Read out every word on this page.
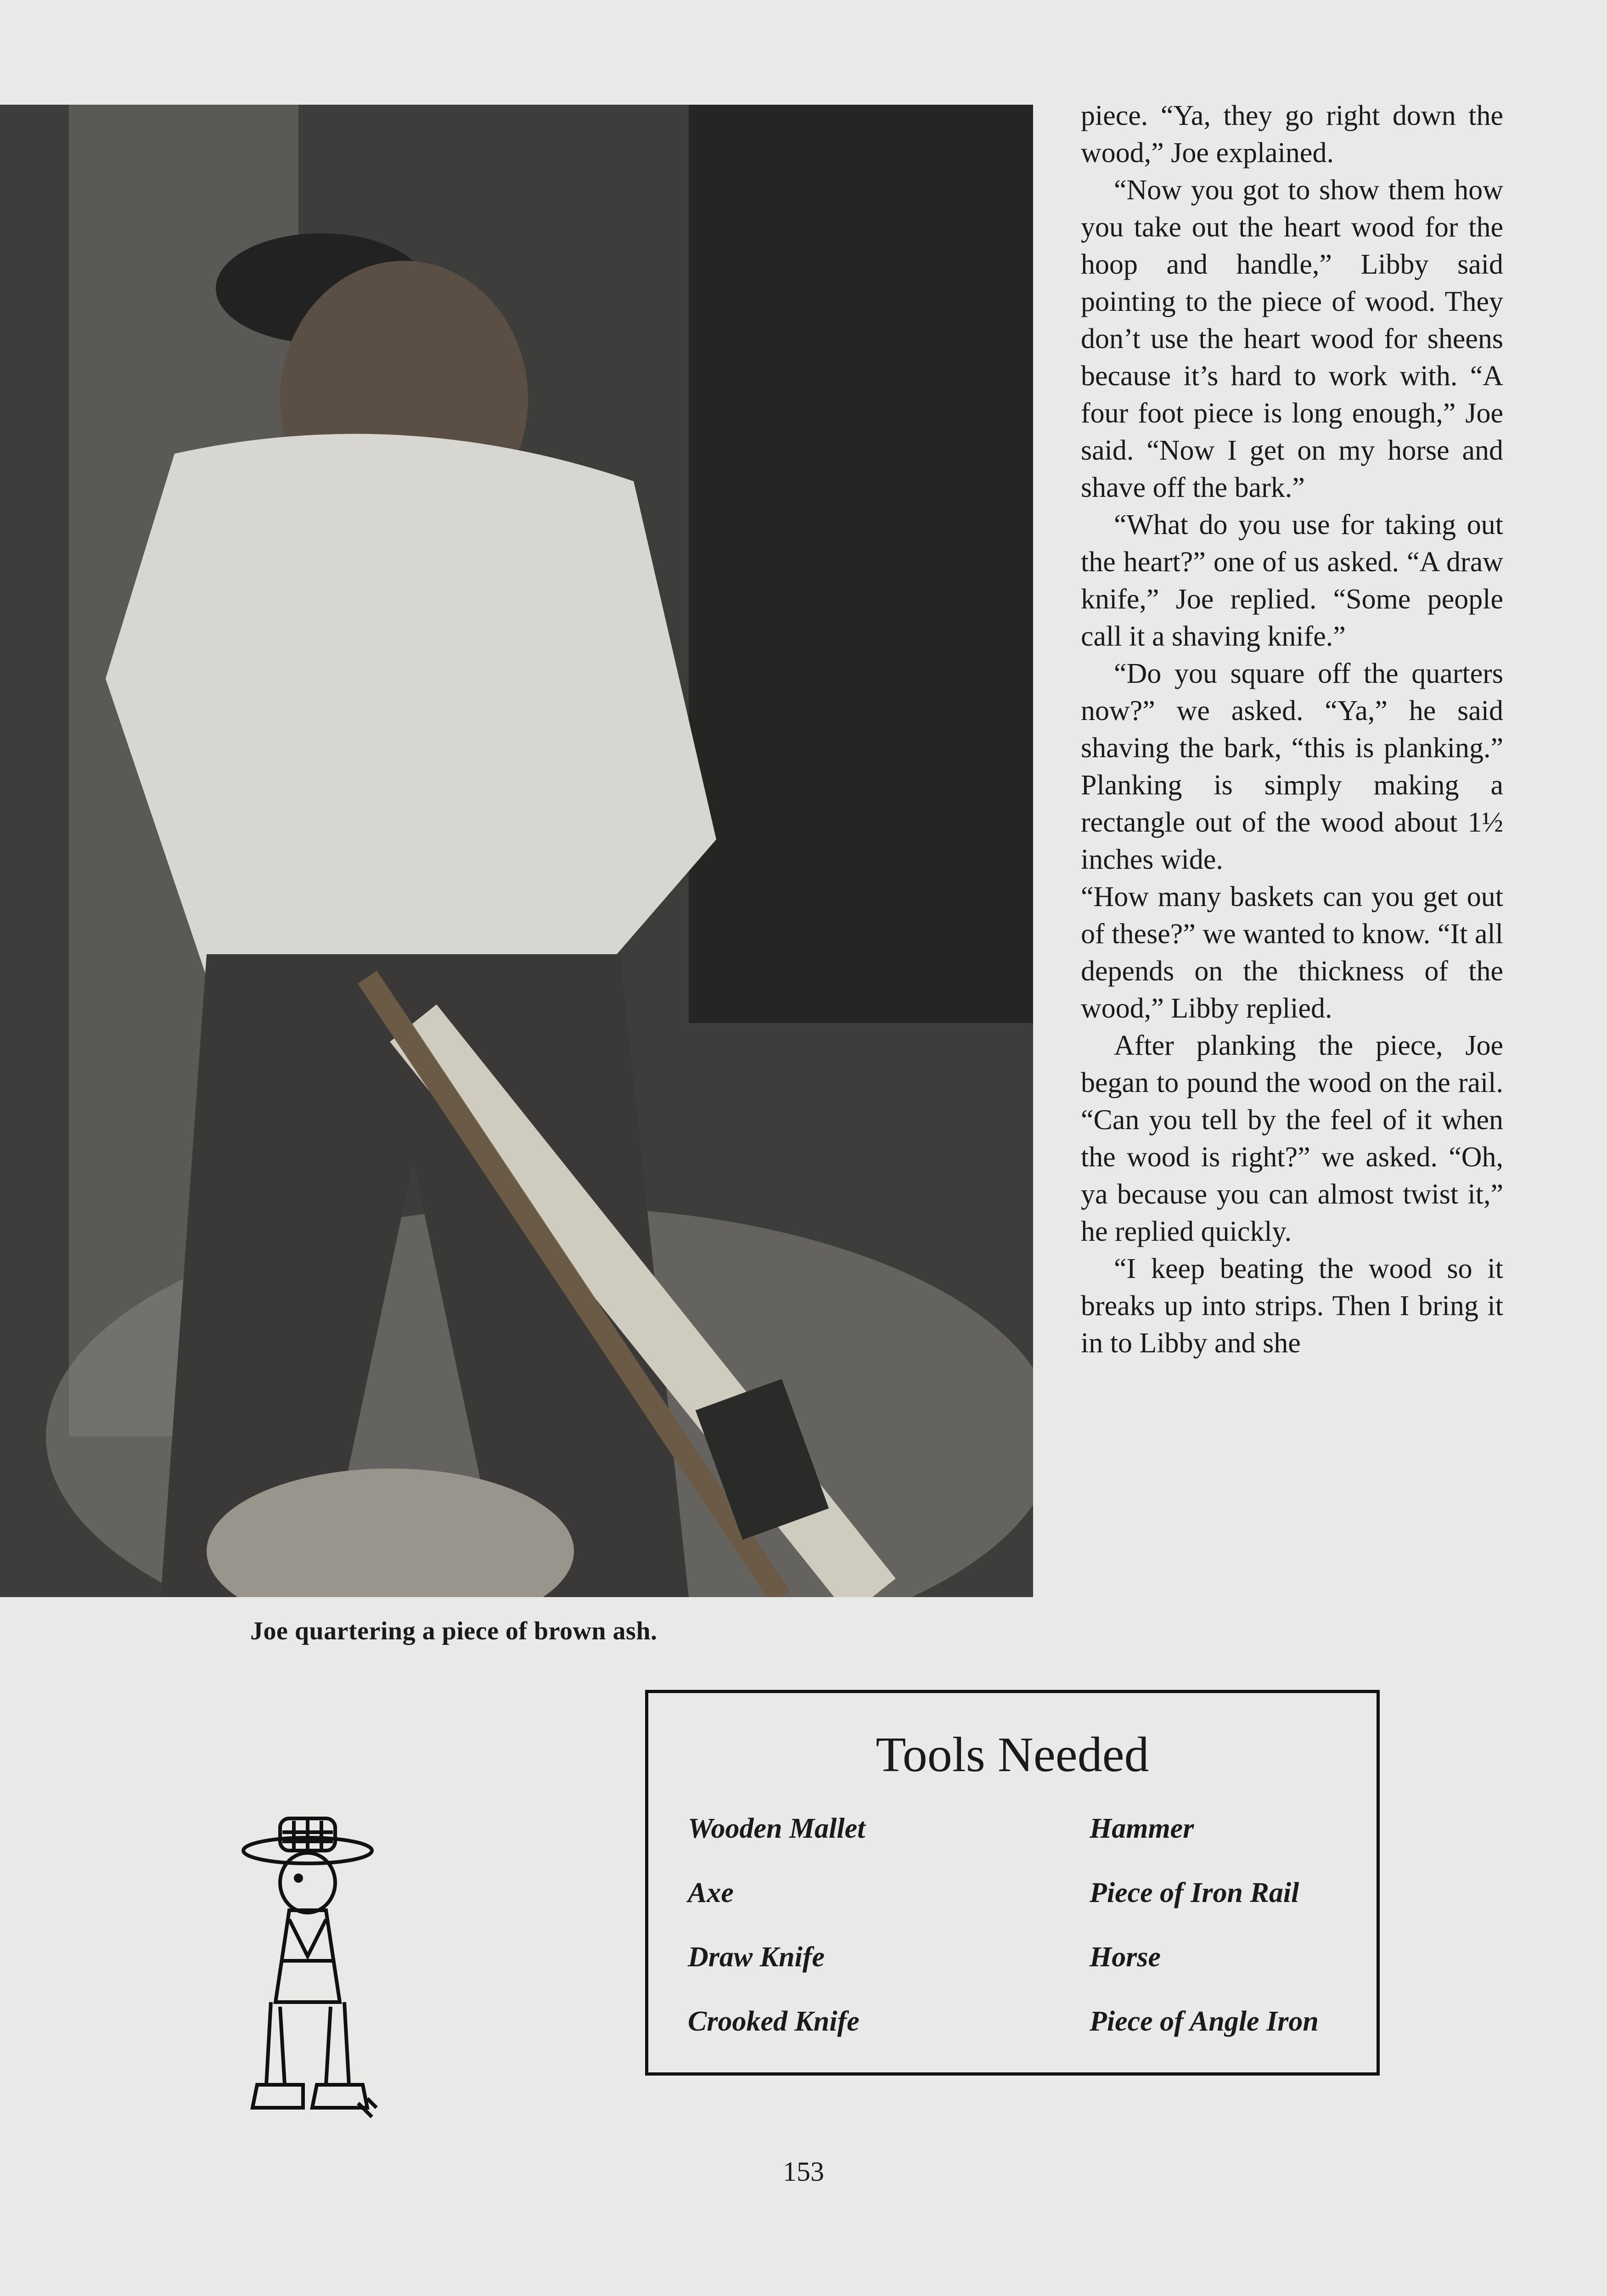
piece. “Ya, they go right down the wood,” Joe explained.

“Now you got to show them how you take out the heart wood for the hoop and handle,” Libby said pointing to the piece of wood. They don’t use the heart wood for sheens because it’s hard to work with. “A four foot piece is long enough,” Joe said. “Now I get on my horse and shave off the bark.”

“What do you use for taking out the heart?” one of us asked. “A draw knife,” Joe replied. “Some people call it a shaving knife.”

“Do you square off the quarters now?” we asked. “Ya,” he said shaving the bark, “this is planking.” Planking is simply making a rectangle out of the wood about 1½ inches wide.

“How many baskets can you get out of these?” we wanted to know. “It all depends on the thickness of the wood,” Libby replied.

After planking the piece, Joe began to pound the wood on the rail. “Can you tell by the feel of it when the wood is right?” we asked. “Oh, ya because you can almost twist it,” he replied quickly.

“I keep beating the wood so it breaks up into strips. Then I bring it in to Libby and she

Joe quartering a piece of brown ash.
Tools Needed
Wooden Mallet	Hammer
Axe	Piece of Iron Rail
Draw Knife	Horse
Crooked Knife	Piece of Angle Iron
153
